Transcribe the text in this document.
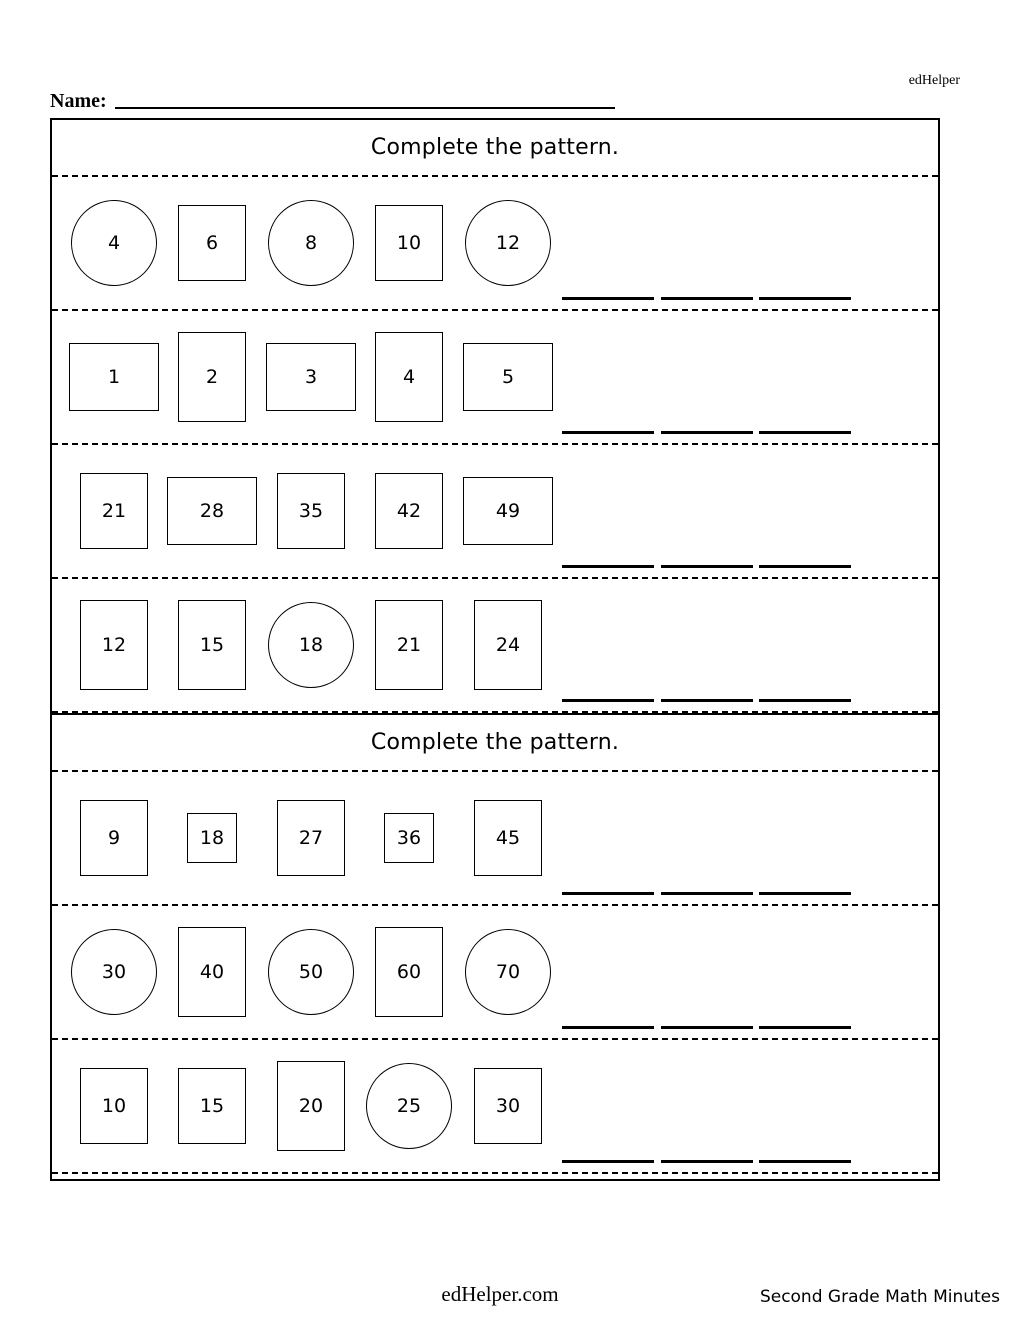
edHelper
Name:
Complete the pattern.
4	6	8	10	12
1	2	3	4	5
21	28	35	42	49
12	15	18	21	24
Complete the pattern.
9	18	27	36	45
30	40	50	60	70
10	15	20	25	30
edHelper.com	Second Grade Math Minutes
